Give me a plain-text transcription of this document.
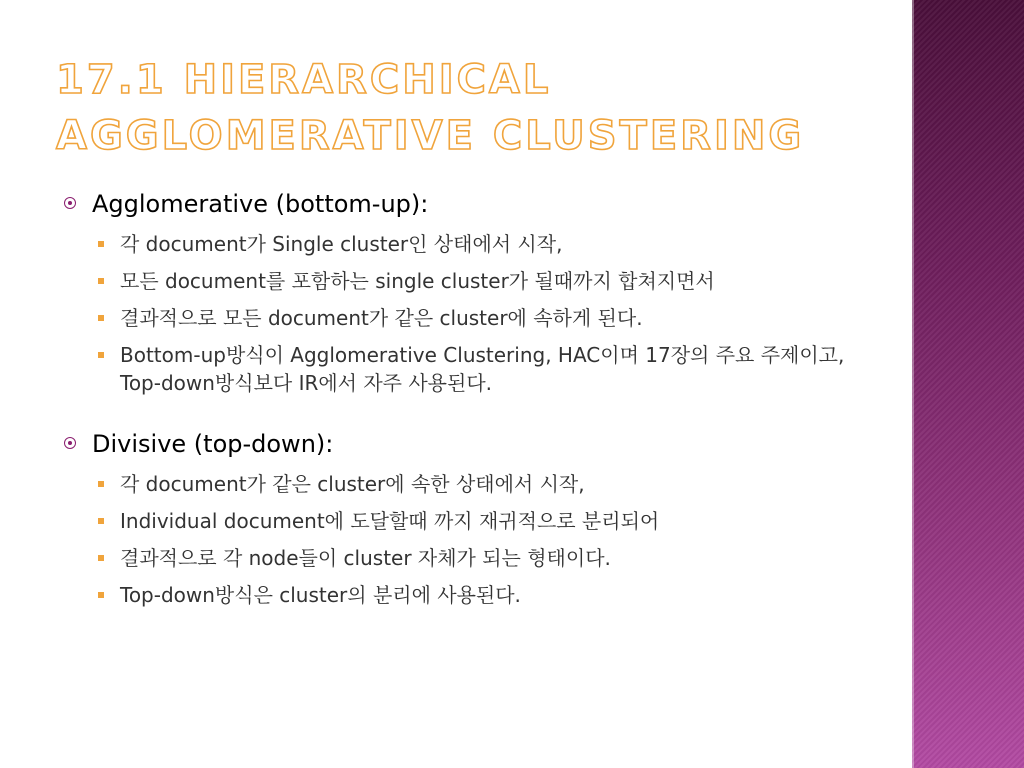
17.1 HIERARCHICAL
AGGLOMERATIVE CLUSTERING
Agglomerative (bottom-up):
각 document가 Single cluster인 상태에서 시작,
모든 document를 포함하는 single cluster가 될때까지 합쳐지면서
결과적으로 모든 document가 같은 cluster에 속하게 된다.
Bottom-up방식이 Agglomerative Clustering, HAC이며 17장의 주요 주제이고, Top-down방식보다 IR에서 자주 사용된다.
Divisive (top-down):
각 document가 같은 cluster에 속한 상태에서 시작,
Individual document에 도달할때 까지 재귀적으로 분리되어
결과적으로 각 node들이 cluster 자체가 되는 형태이다.
Top-down방식은 cluster의 분리에 사용된다.
